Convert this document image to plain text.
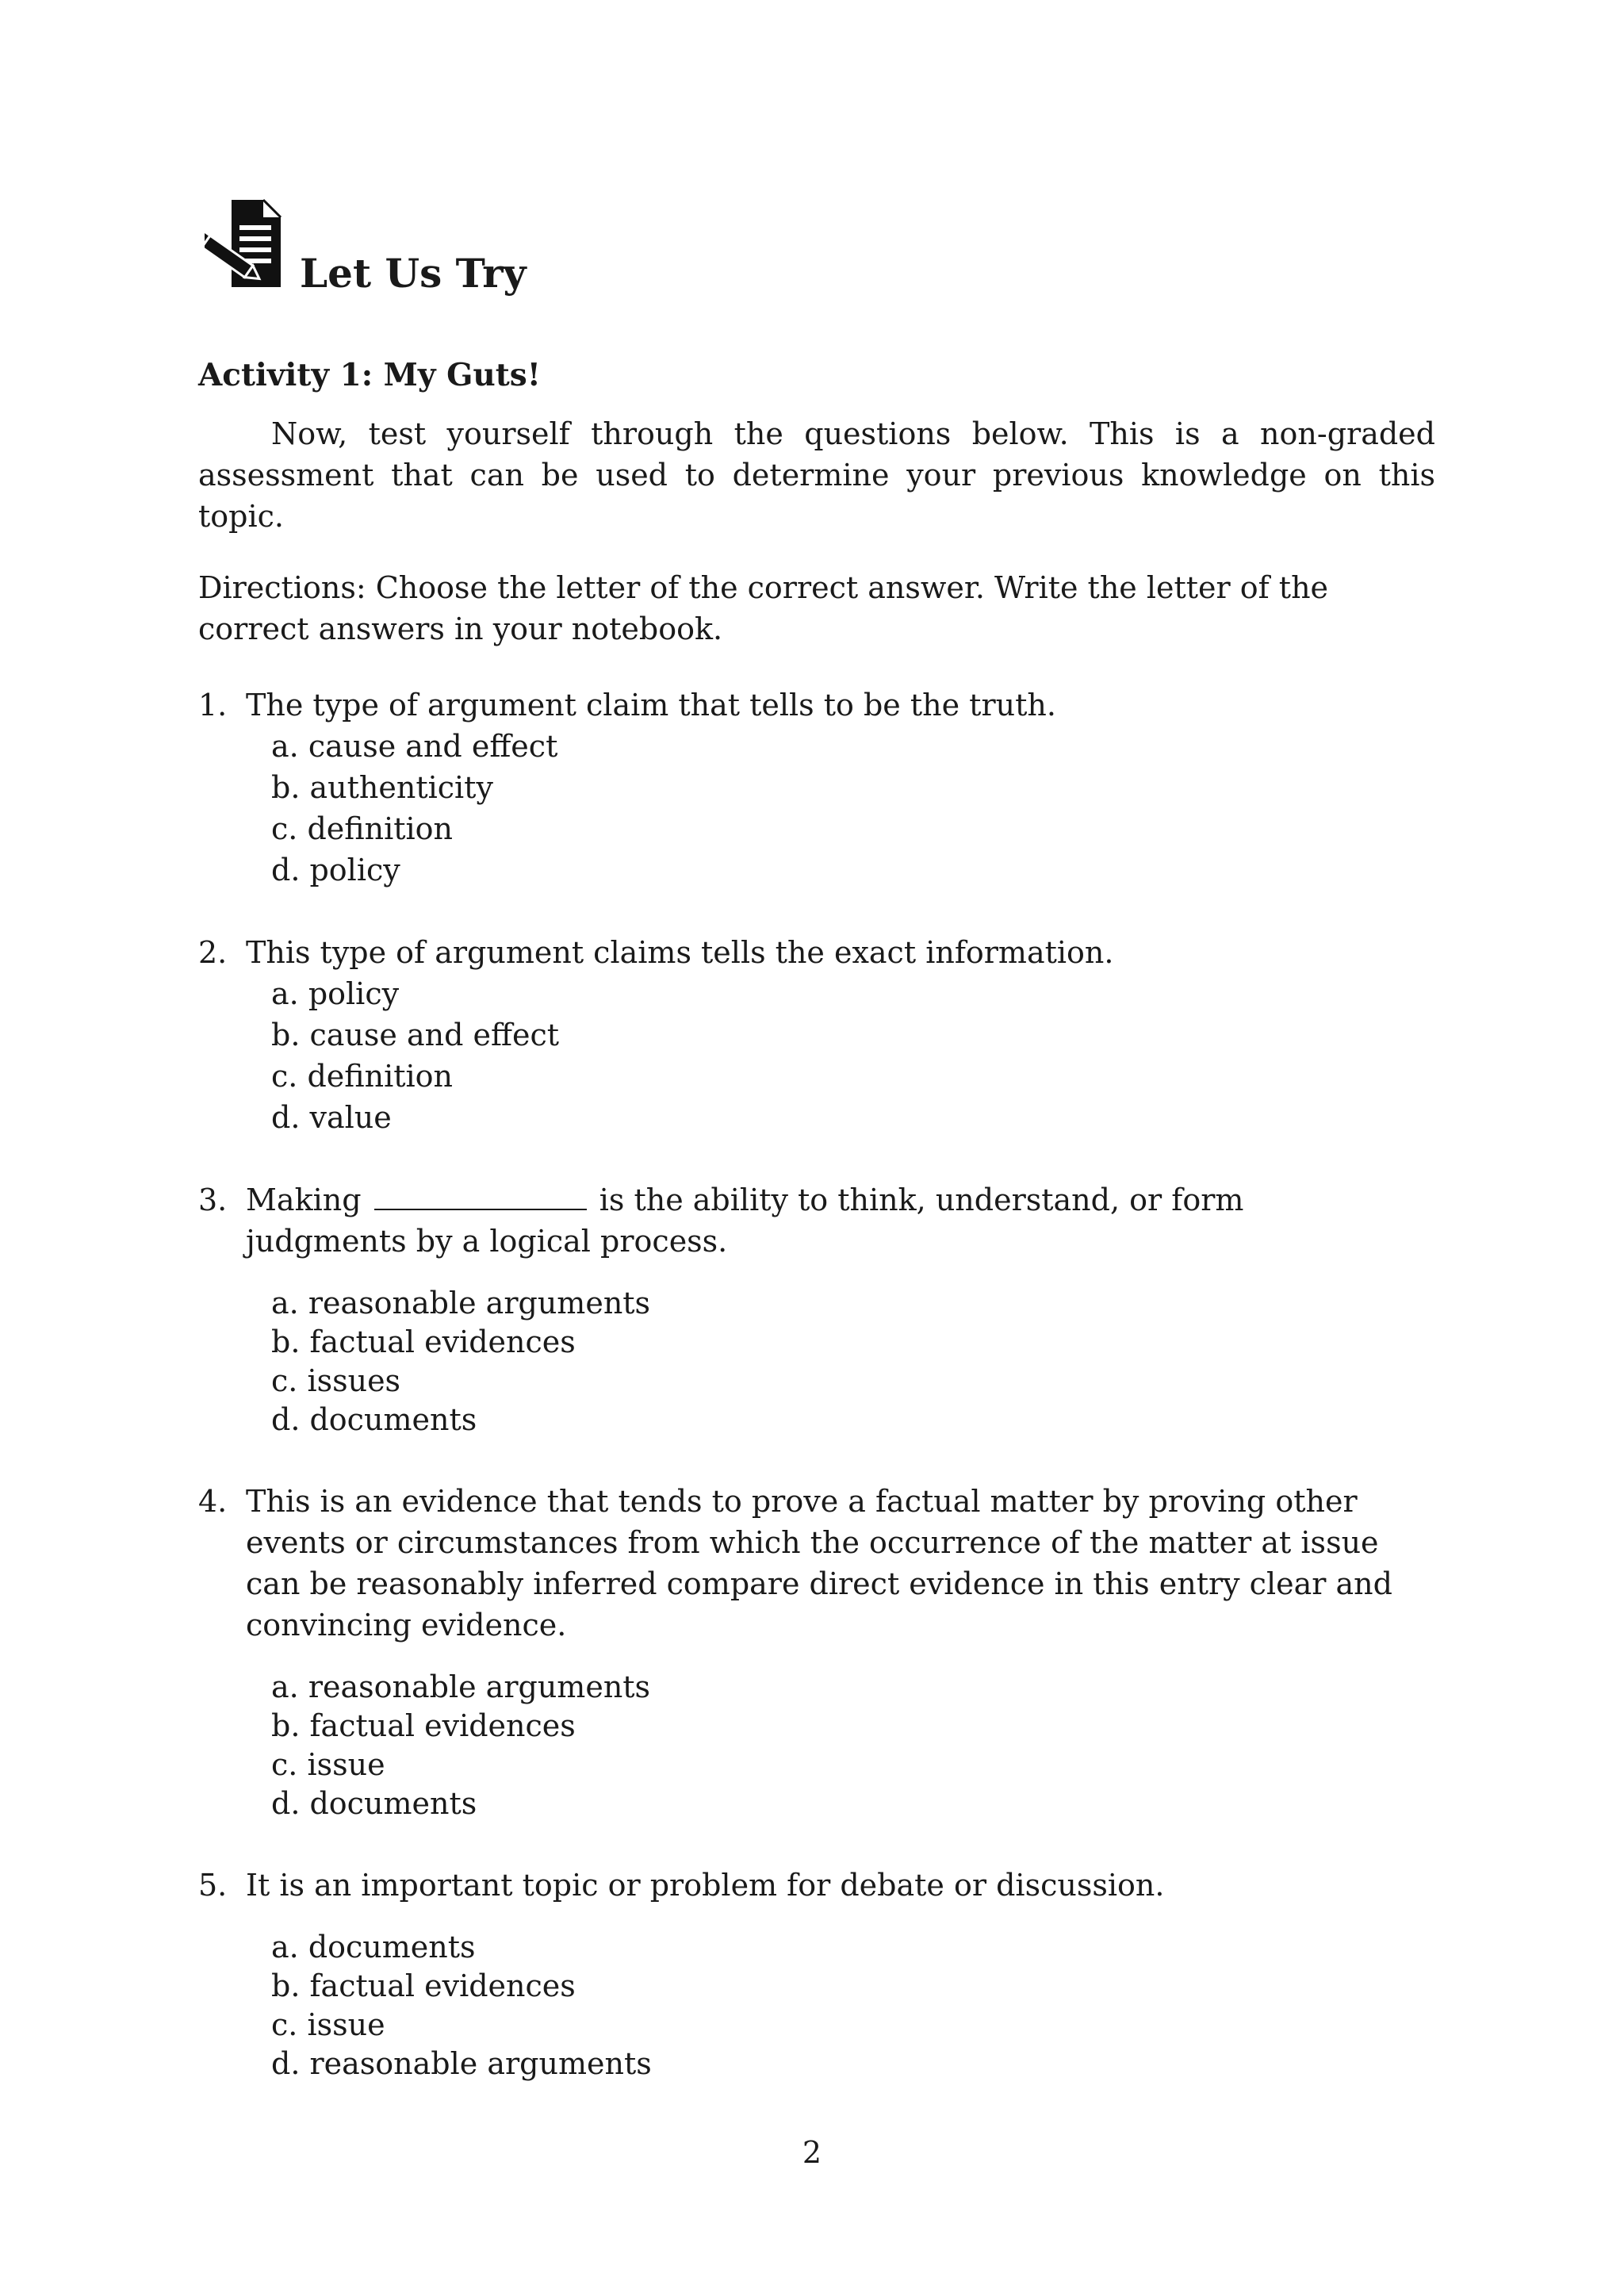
Let Us Try
Activity 1: My Guts!

Now, test yourself through the questions below. This is a non-graded assessment that can be used to determine your previous knowledge on this topic.

Directions: Choose the letter of the correct answer. Write the letter of the correct answers in your notebook.

1. The type of argument claim that tells to be the truth.
a. cause and effect
b. authenticity
c. definition
d. policy
2. This type of argument claims tells the exact information.
a. policy
b. cause and effect
c. definition
d. value
3. Making	is the ability to think, understand, or form judgments by a logical process.
a. reasonable arguments
b. factual evidences
c. issues
d. documents
4. This is an evidence that tends to prove a factual matter by proving other events or circumstances from which the occurrence of the matter at issue can be reasonably inferred compare direct evidence in this entry clear and convincing evidence.
a. reasonable arguments
b. factual evidences
c. issue
d. documents
5. It is an important topic or problem for debate or discussion.
a. documents
b. factual evidences
c. issue
d. reasonable arguments
2
